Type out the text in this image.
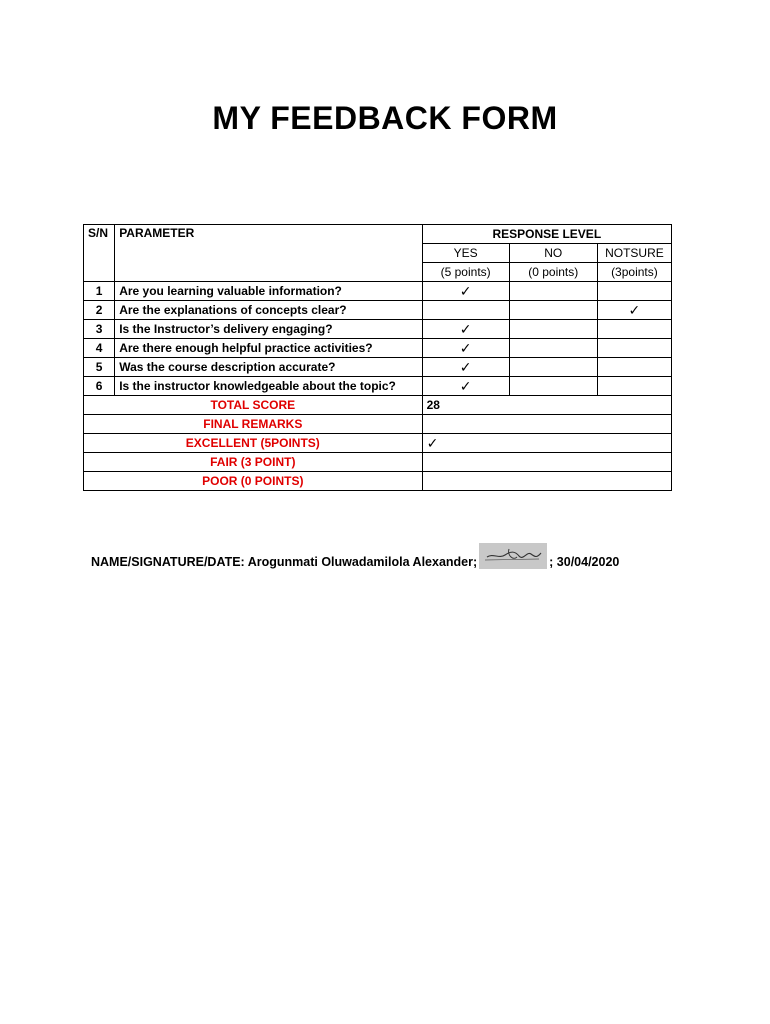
MY FEEDBACK FORM
S/N	PARAMETER	RESPONSE LEVEL		
		YES	NO	NOTSURE
		(5 points)	(0 points)	(3points)
1	Are you learning valuable information?	✓		
2	Are the explanations of concepts clear?			✓
3	Is the Instructor’s delivery engaging?	✓		
4	Are there enough helpful practice activities?	✓		
5	Was the course description accurate?	✓		
6	Is the instructor knowledgeable about the topic?	✓		
TOTAL SCORE		28		
FINAL REMARKS				
EXCELLENT (5POINTS)		✓		
FAIR (3 POINT)				
POOR (0 POINTS)				
NAME/SIGNATURE/DATE: Arogunmati Oluwadamilola Alexander;	; 30/04/2020
